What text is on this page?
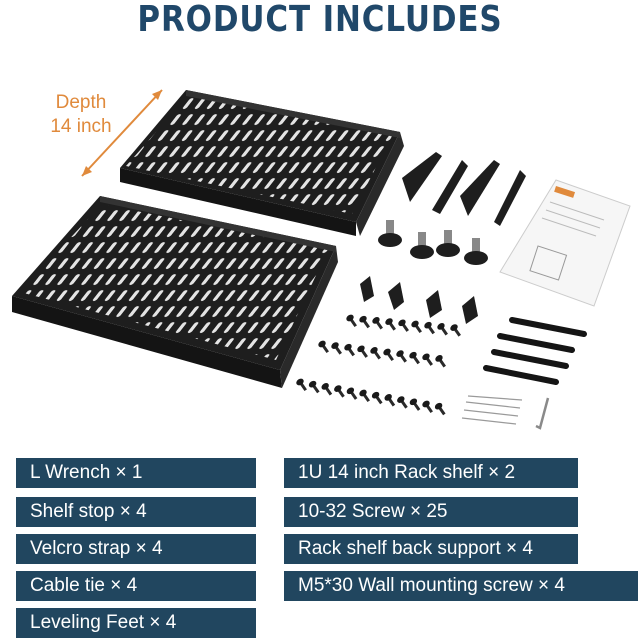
PRODUCT INCLUDES
Depth
14 inch
L Wrench × 1
Shelf stop × 4
Velcro strap × 4
Cable tie × 4
Leveling Feet × 4
1U 14 inch Rack shelf × 2
10-32 Screw × 25
Rack shelf back support × 4
M5*30 Wall mounting screw × 4
